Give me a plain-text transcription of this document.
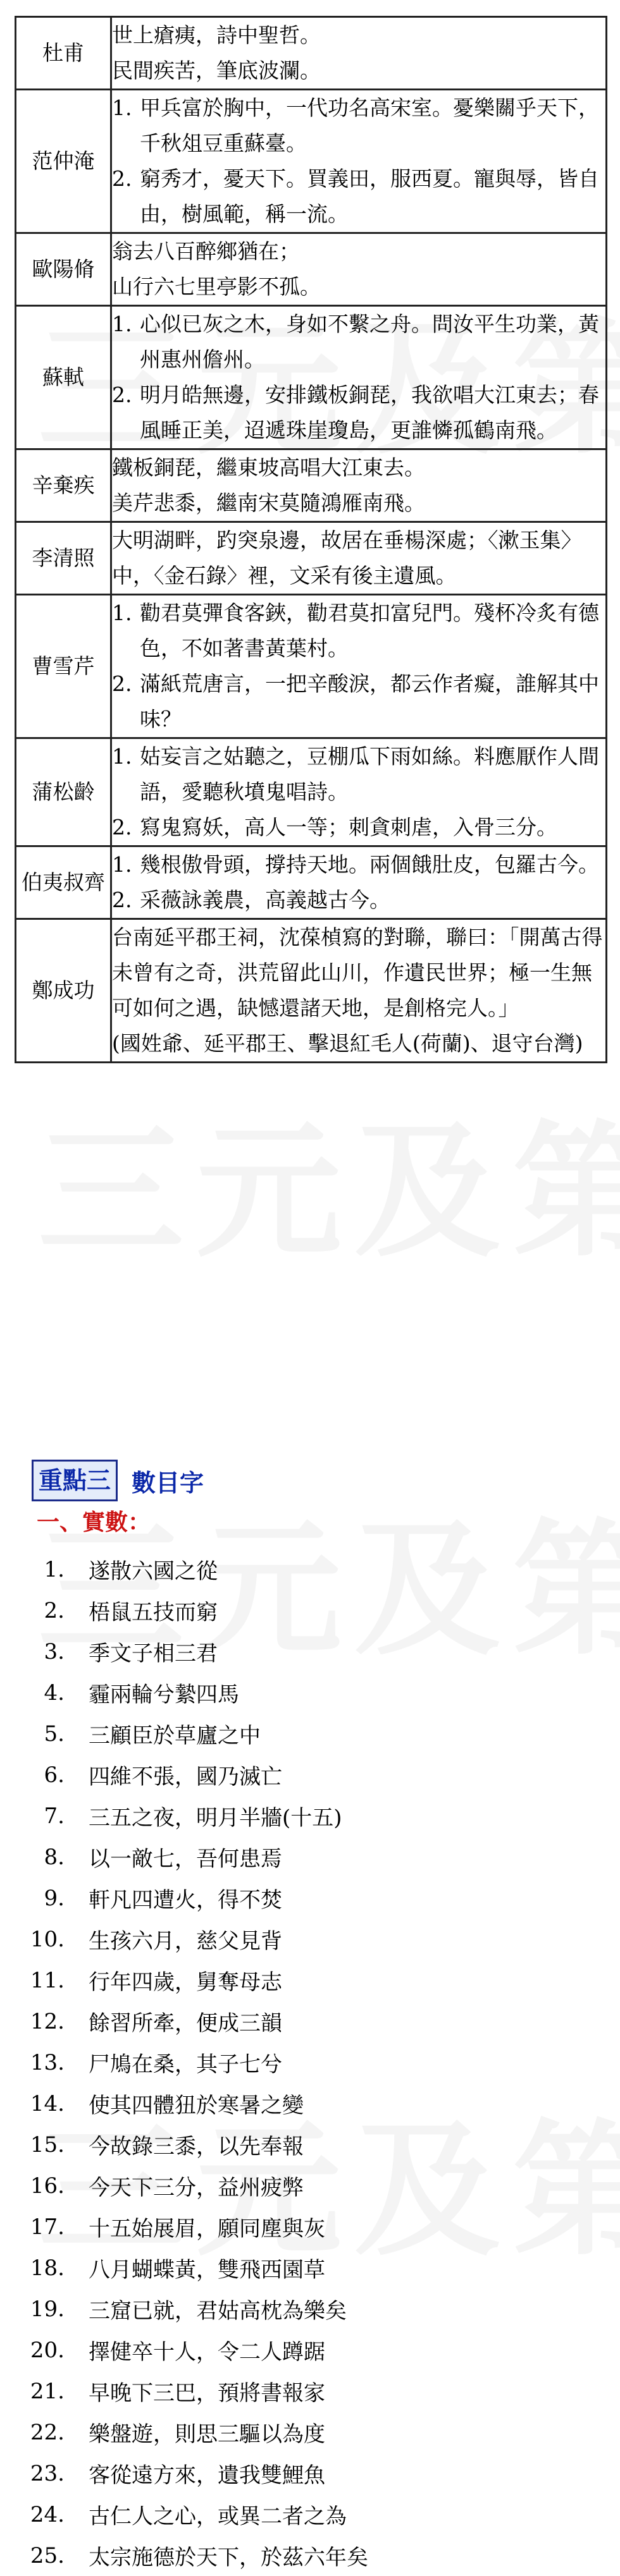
杜甫	世上瘡痍，詩中聖哲。
民間疾苦，筆底波瀾。

范仲淹	1. 甲兵富於胸中，一代功名高宋室。憂樂關乎天下，千秋俎豆重蘇臺。
2. 窮秀才，憂天下。買義田，服西夏。寵與辱，皆自由，樹風範，稱一流。

歐陽脩	翁去八百醉鄉猶在；
山行六七里亭影不孤。

蘇軾	1. 心似已灰之木，身如不繫之舟。問汝平生功業，黃州惠州儋州。
2. 明月皓無邊，安排鐵板銅琵，我欲唱大江東去；春風睡正美，迢遞珠崖瓊島，更誰憐孤鶴南飛。

辛棄疾	鐵板銅琵，繼東坡高唱大江東去。
美芹悲黍，繼南宋莫隨鴻雁南飛。

李清照	大明湖畔，趵突泉邊，故居在垂楊深處；〈漱玉集〉中，〈金石錄〉裡，文采有後主遺風。

曹雪芹	1. 勸君莫彈食客鋏，勸君莫扣富兒門。殘杯冷炙有德色，不如著書黃葉村。
2. 滿紙荒唐言，一把辛酸淚，都云作者癡，誰解其中味？

蒲松齡	1. 姑妄言之姑聽之，豆棚瓜下雨如絲。料應厭作人間語，愛聽秋墳鬼唱詩。
2. 寫鬼寫妖，高人一等；刺貪刺虐，入骨三分。

伯夷叔齊	1. 幾根傲骨頭，撐持天地。兩個餓肚皮，包羅古今。
2. 采薇詠義農，高義越古今。

鄭成功	台南延平郡王祠，沈葆楨寫的對聯，聯曰：「開萬古得未曾有之奇，洪荒留此山川，作遺民世界；極一生無可如何之遇，缺憾還諸天地，是創格完人。」
(國姓爺、延平郡王、擊退紅毛人(荷蘭)、退守台灣)
重點三 數目字
一、實數：
1.	遂散六國之從
2.	梧鼠五技而窮
3.	季文子相三君
4.	霾兩輪兮縶四馬
5.	三顧臣於草廬之中
6.	四維不張，國乃滅亡
7.	三五之夜，明月半牆(十五)
8.	以一敵七，吾何患焉
9.	軒凡四遭火，得不焚
10.	生孩六月，慈父見背
11.	行年四歲，舅奪母志
12.	餘習所牽，便成三韻
13.	尸鳩在桑，其子七兮
14.	使其四體狃於寒暑之變
15.	今故錄三黍，以先奉報
16.	今天下三分，益州疲弊
17.	十五始展眉，願同塵與灰
18.	八月蝴蝶黃，雙飛西園草
19.	三窟已就，君姑高枕為樂矣
20.	擇健卒十人，令二人蹲踞
21.	早晚下三巴，預將書報家
22.	樂盤遊，則思三驅以為度
23.	客從遠方來，遺我雙鯉魚
24.	古仁人之心，或異二者之為
25.	太宗施德於天下，於茲六年矣
